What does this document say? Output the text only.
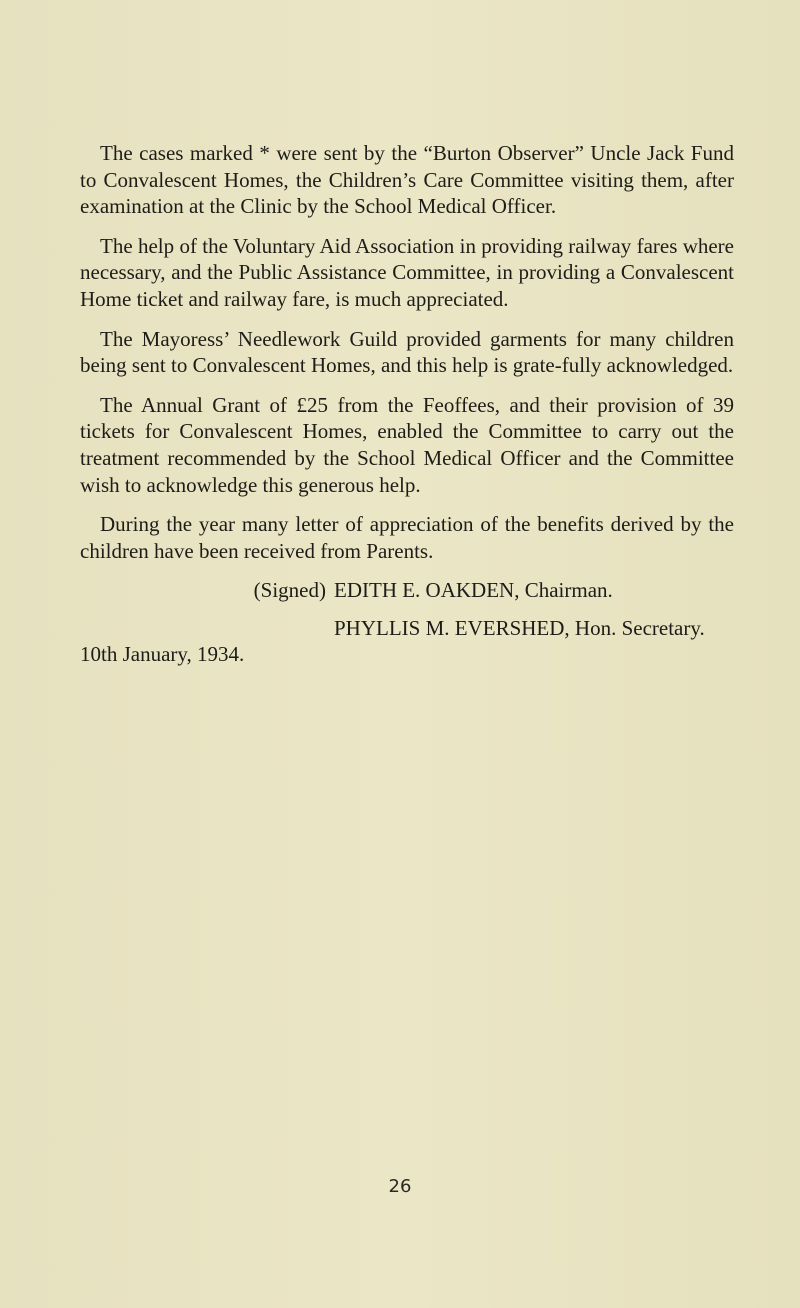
The cases marked * were sent by the “Burton Observer” Uncle Jack Fund to Convalescent Homes, the Children’s Care Committee visiting them, after examination at the Clinic by the School Medical Officer.

The help of the Voluntary Aid Association in providing railway fares where necessary, and the Public Assistance Committee, in providing a Convalescent Home ticket and railway fare, is much appreciated.

The Mayoress’ Needlework Guild provided garments for many children being sent to Convalescent Homes, and this help is grate-fully acknowledged.

The Annual Grant of £25 from the Feoffees, and their provision of 39 tickets for Convalescent Homes, enabled the Committee to carry out the treatment recommended by the School Medical Officer and the Committee wish to acknowledge this generous help.

During the year many letter of appreciation of the benefits derived by the children have been received from Parents.

(Signed) EDITH E. OAKDEN, Chairman.
PHYLLIS M. EVERSHED, Hon. Secretary.
10th January, 1934.
26
